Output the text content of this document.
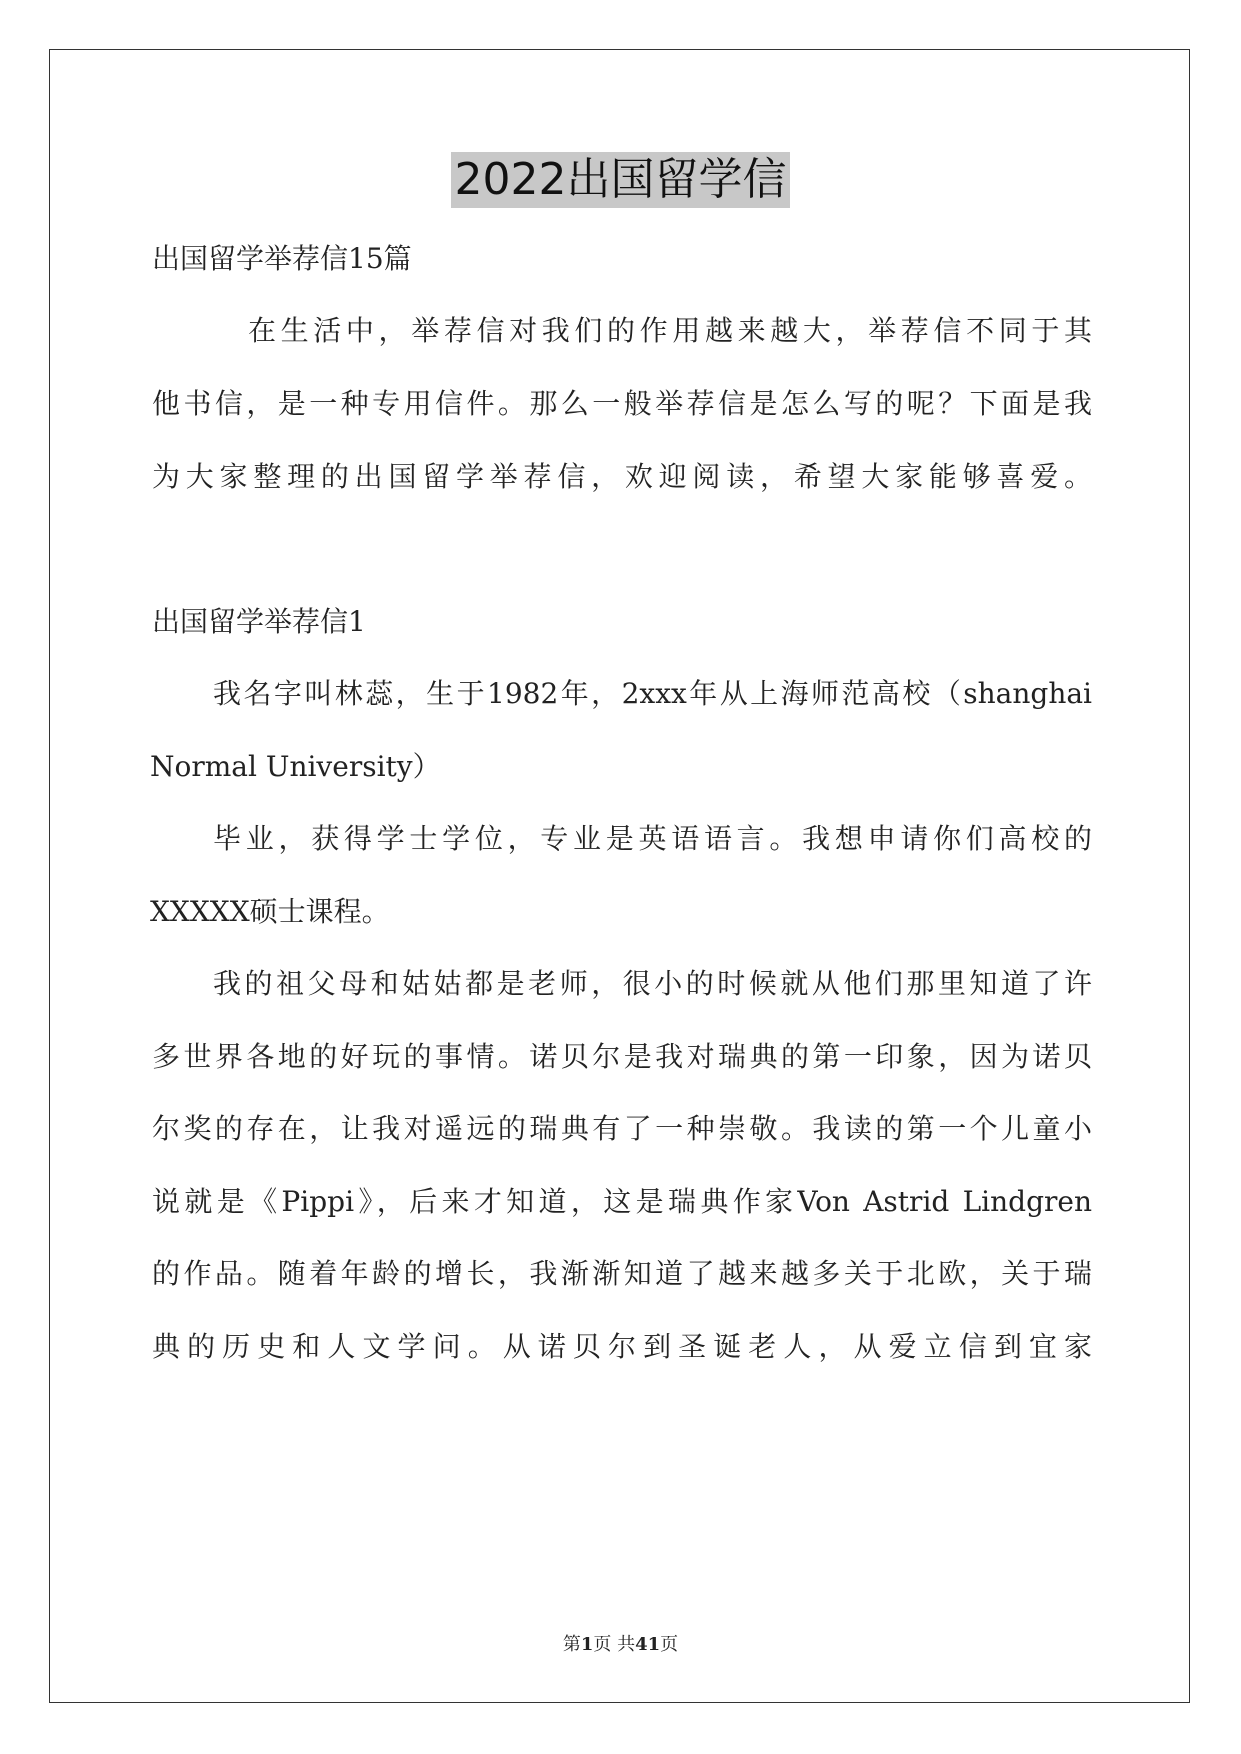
2022出国留学信
出国留学举荐信15篇
在生活中，举荐信对我们的作用越来越大，举荐信不同于其
他书信，是一种专用信件。那么一般举荐信是怎么写的呢？下面是我
为大家整理的出国留学举荐信，欢迎阅读，希望大家能够喜爱。
出国留学举荐信1
我名字叫林蕊，生于1982年，2xxx年从上海师范高校（shanghai
Normal University）
毕业，获得学士学位，专业是英语语言。我想申请你们高校的
XXXXX硕士课程。
我的祖父母和姑姑都是老师，很小的时候就从他们那里知道了许
多世界各地的好玩的事情。诺贝尔是我对瑞典的第一印象，因为诺贝
尔奖的存在，让我对遥远的瑞典有了一种崇敬。我读的第一个儿童小
说就是《Pippi》，后来才知道，这是瑞典作家Von Astrid Lindgren
的作品。随着年龄的增长，我渐渐知道了越来越多关于北欧，关于瑞
典的历史和人文学问。从诺贝尔到圣诞老人，从爱立信到宜家
第1页 共41页
